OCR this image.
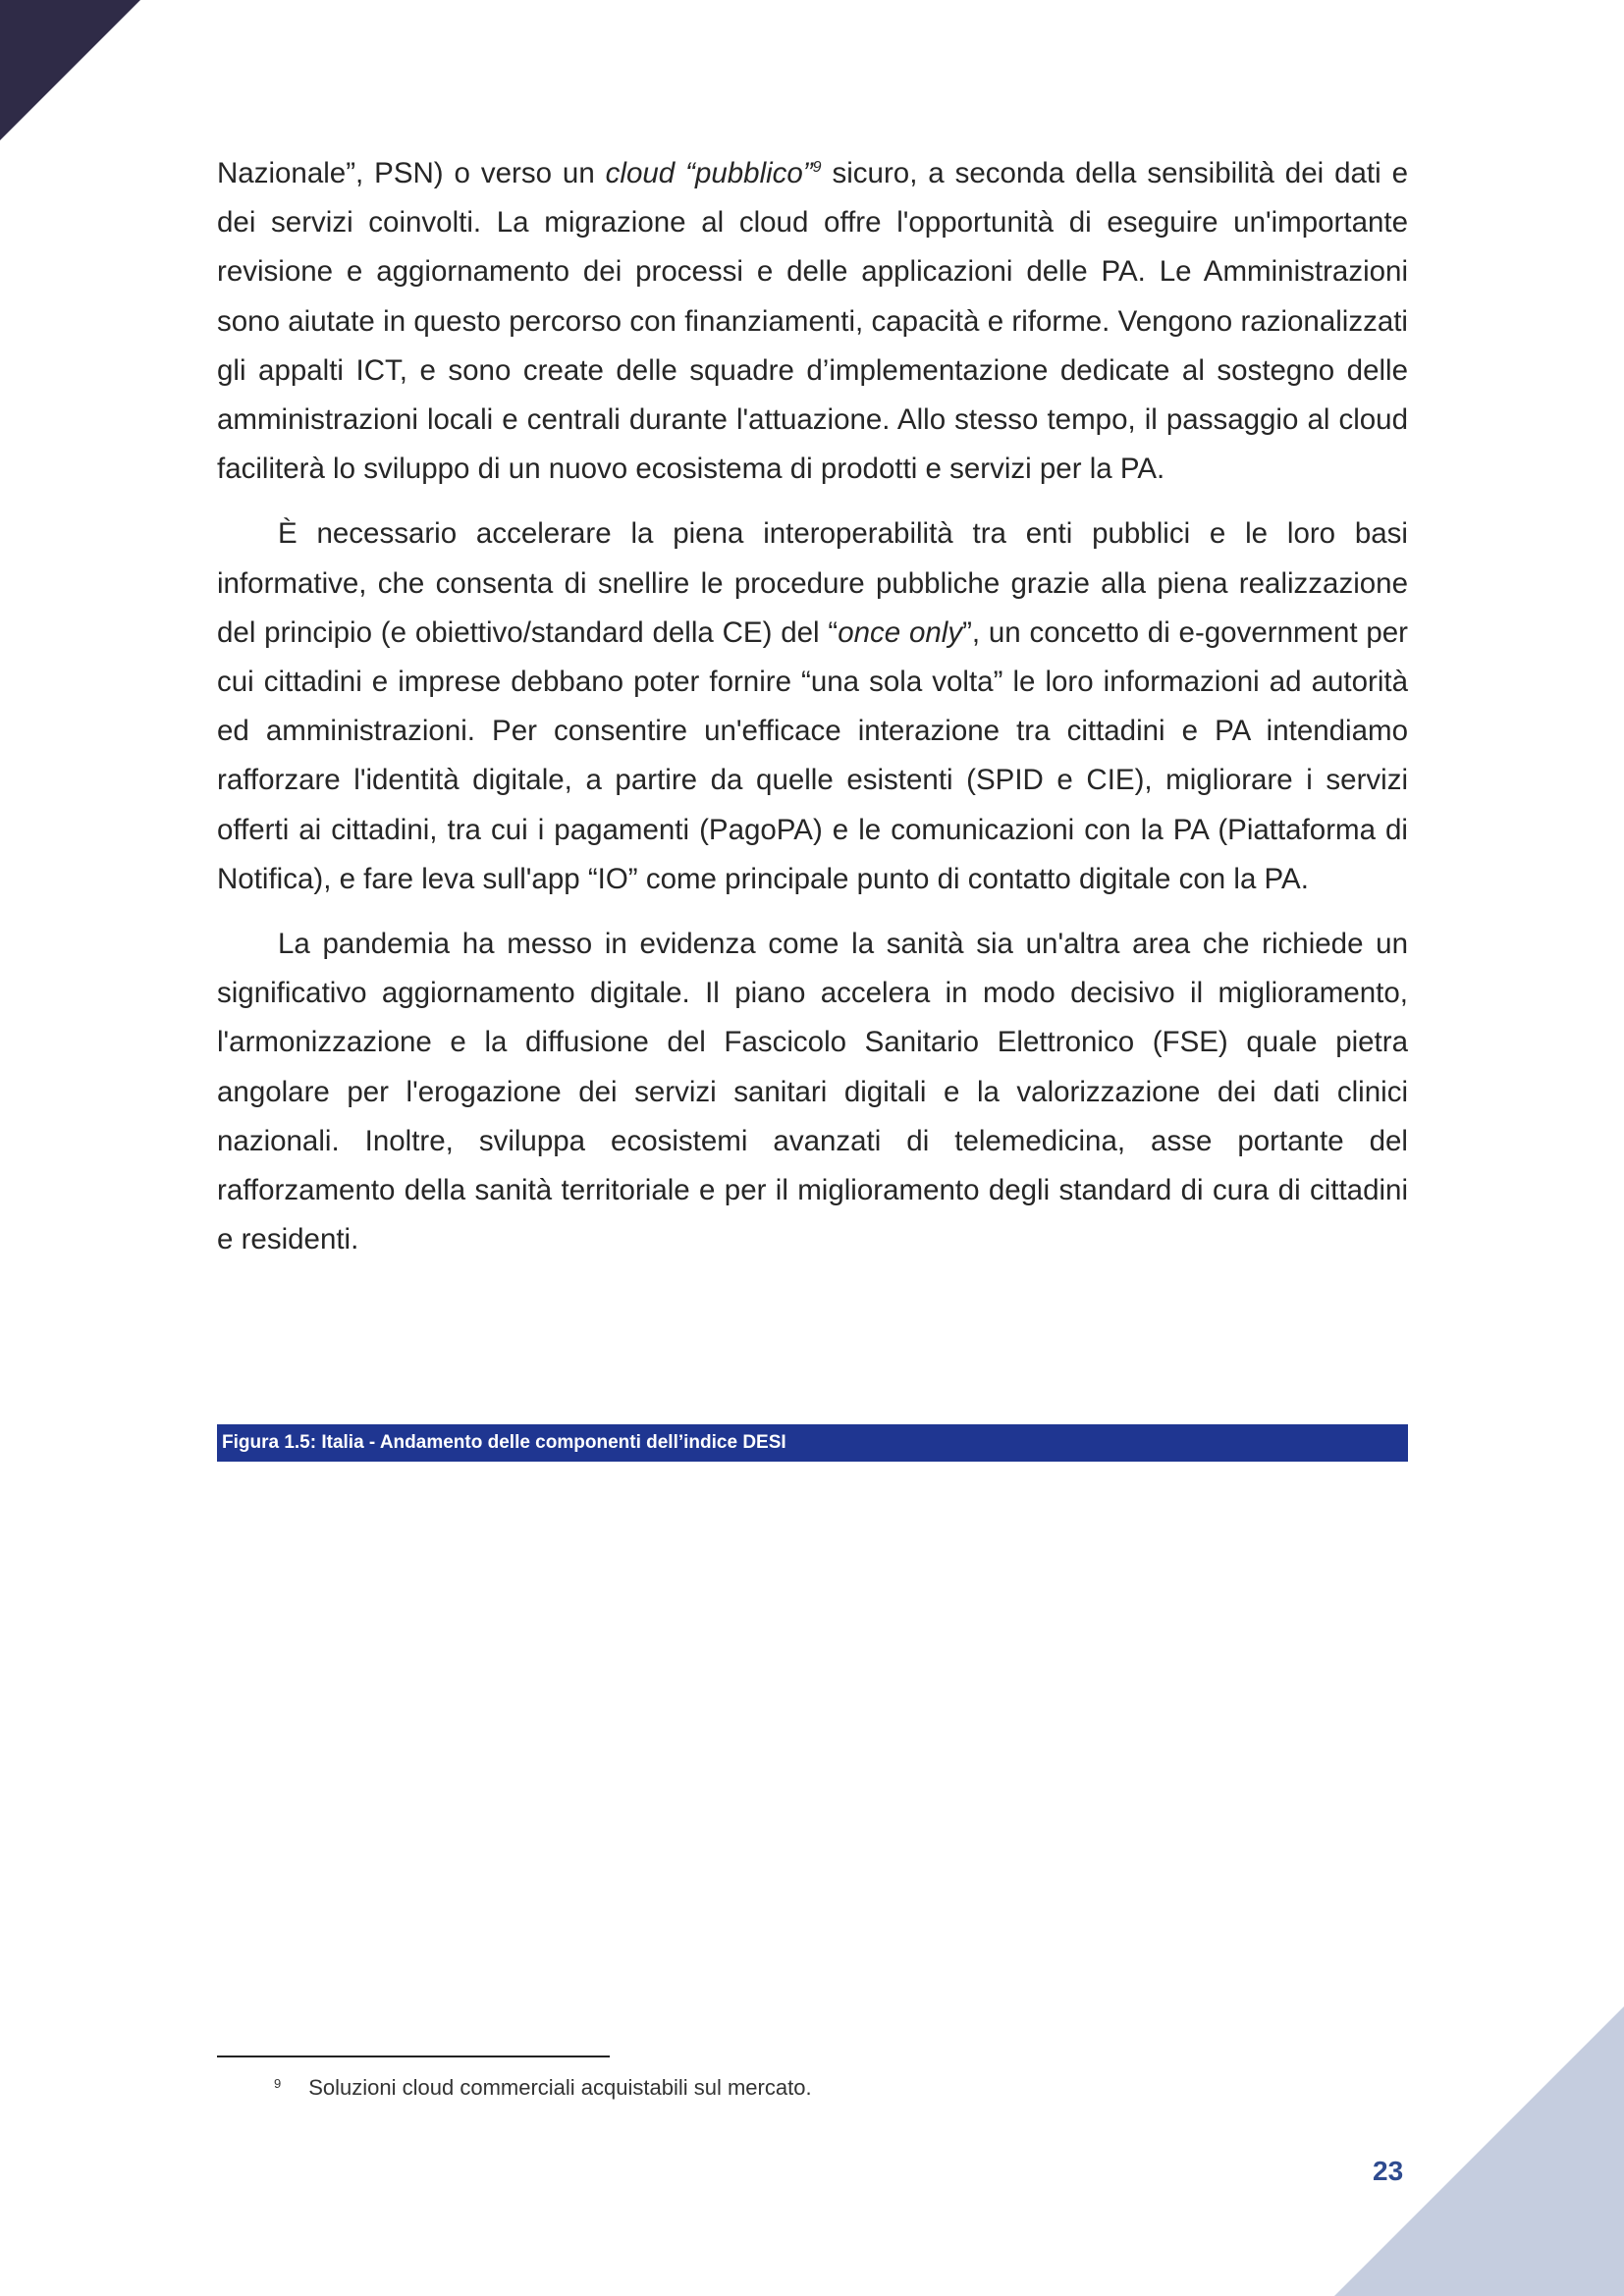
Nazionale”, PSN) o verso un cloud “pubblico”$^9$ sicuro, a seconda della sensibilità dei dati e dei servizi coinvolti. La migrazione al cloud offre l'opportunità di eseguire un'importante revisione e aggiornamento dei processi e delle applicazioni delle PA. Le Amministrazioni sono aiutate in questo percorso con finanziamenti, capacità e riforme. Vengono razionalizzati gli appalti ICT, e sono create delle squadre d’implementazione dedicate al sostegno delle amministrazioni locali e centrali durante l'attuazione. Allo stesso tempo, il passaggio al cloud faciliterà lo sviluppo di un nuovo ecosistema di prodotti e servizi per la PA.

È necessario accelerare la piena interoperabilità tra enti pubblici e le loro basi informative, che consenta di snellire le procedure pubbliche grazie alla piena realizzazione del principio (e obiettivo/standard della CE) del “once only”, un concetto di e-government per cui cittadini e imprese debbano poter fornire “una sola volta” le loro informazioni ad autorità ed amministrazioni. Per consentire un'efficace interazione tra cittadini e PA intendiamo rafforzare l'identità digitale, a partire da quelle esistenti (SPID e CIE), migliorare i servizi offerti ai cittadini, tra cui i pagamenti (PagoPA) e le comunicazioni con la PA (Piattaforma di Notifica), e fare leva sull'app “IO” come principale punto di contatto digitale con la PA.

La pandemia ha messo in evidenza come la sanità sia un'altra area che richiede un significativo aggiornamento digitale. Il piano accelera in modo decisivo il miglioramento, l'armonizzazione e la diffusione del Fascicolo Sanitario Elettronico (FSE) quale pietra angolare per l'erogazione dei servizi sanitari digitali e la valorizzazione dei dati clinici nazionali. Inoltre, sviluppa ecosistemi avanzati di telemedicina, asse portante del rafforzamento della sanità territoriale e per il miglioramento degli standard di cura di cittadini e residenti.

Figura 1.5: Italia - Andamento delle componenti dell’indice DESI
$^9$ Soluzioni cloud commerciali acquistabili sul mercato.
23
